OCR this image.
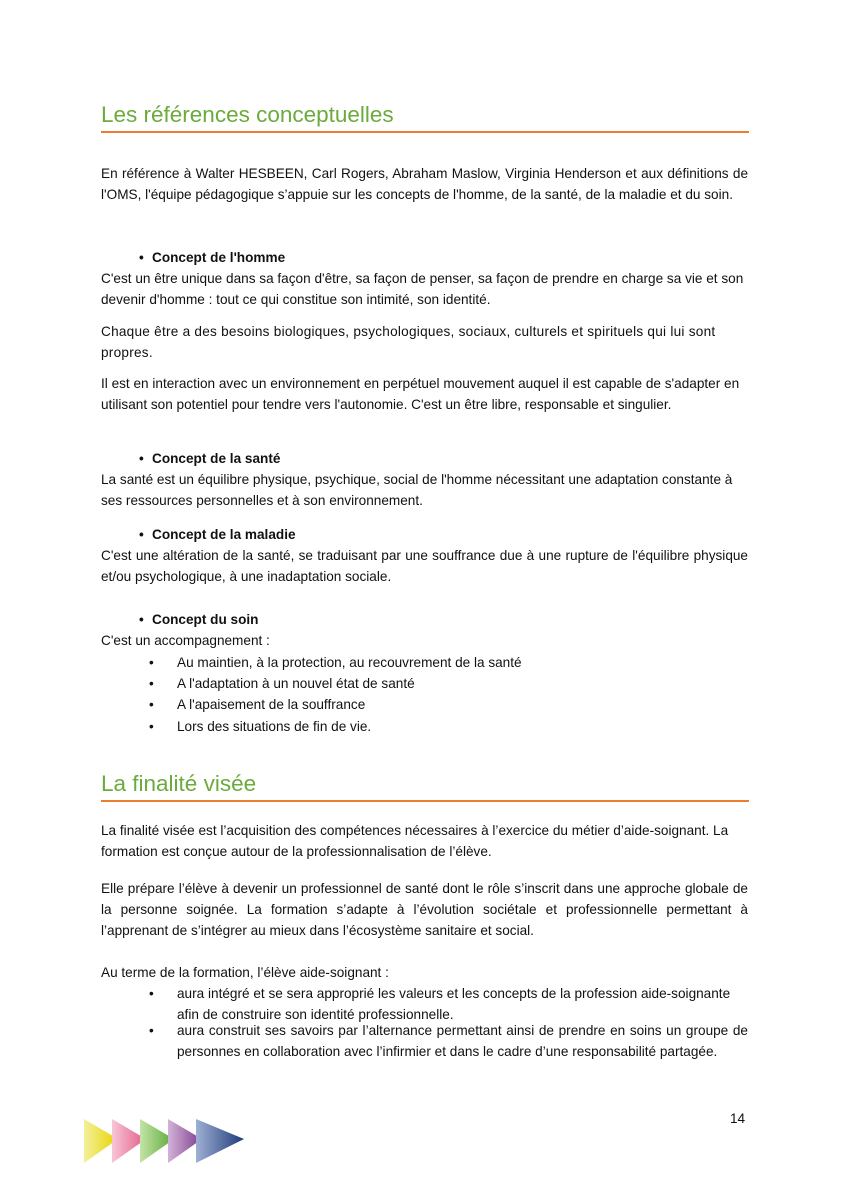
Les références conceptuelles

En référence à Walter HESBEEN, Carl Rogers, Abraham Maslow, Virginia Henderson et aux définitions de l'OMS, l'équipe pédagogique s’appuie sur les concepts de l'homme, de la santé, de la maladie et du soin.

• Concept de l'homme

C'est un être unique dans sa façon d'être, sa façon de penser, sa façon de prendre en charge sa vie et son devenir d'homme : tout ce qui constitue son intimité, son identité.

Chaque être a des besoins biologiques, psychologiques, sociaux, culturels et spirituels qui lui sont propres.

Il est en interaction avec un environnement en perpétuel mouvement auquel il est capable de s'adapter en utilisant son potentiel pour tendre vers l'autonomie. C'est un être libre, responsable et singulier.

• Concept de la santé

La santé est un équilibre physique, psychique, social de l'homme nécessitant une adaptation constante à ses ressources personnelles et à son environnement.

• Concept de la maladie

C'est une altération de la santé, se traduisant par une souffrance due à une rupture de l'équilibre physique et/ou psychologique, à une inadaptation sociale.

• Concept du soin

C'est un accompagnement :

• Au maintien, à la protection, au recouvrement de la santé
• A l'adaptation à un nouvel état de santé
• A l'apaisement de la souffrance
• Lors des situations de fin de vie.
La finalité visée

La finalité visée est l’acquisition des compétences nécessaires à l’exercice du métier d’aide-soignant. La formation est conçue autour de la professionnalisation de l’élève.

Elle prépare l’élève à devenir un professionnel de santé dont le rôle s’inscrit dans une approche globale de la personne soignée. La formation s’adapte à l’évolution sociétale et professionnelle permettant à l’apprenant de s’intégrer au mieux dans l’écosystème sanitaire et social.

Au terme de la formation, l’élève aide-soignant :

• aura intégré et se sera approprié les valeurs et les concepts de la profession aide-soignante afin de construire son identité professionnelle.
• aura construit ses savoirs par l’alternance permettant ainsi de prendre en soins un groupe de personnes en collaboration avec l’infirmier et dans le cadre d’une responsabilité partagée.
14
